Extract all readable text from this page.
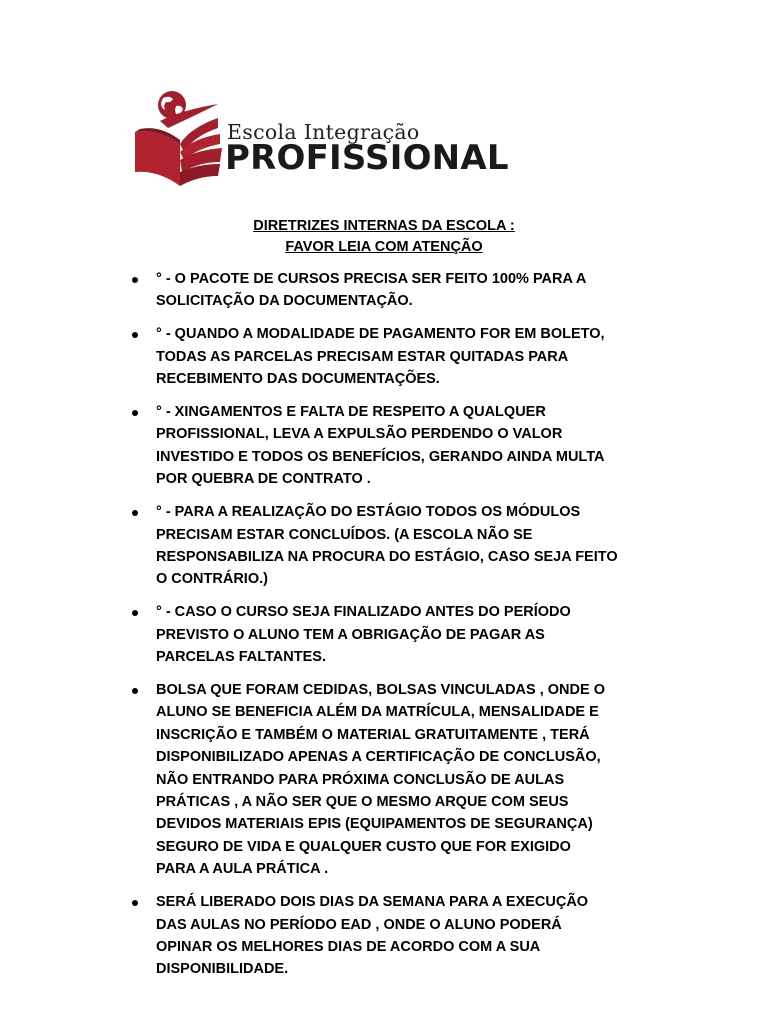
Escola Integração
PROFISSIONAL
DIRETRIZES INTERNAS DA ESCOLA :
FAVOR LEIA COM ATENÇÃO
° - O PACOTE DE CURSOS PRECISA SER FEITO 100% PARA A
SOLICITAÇÃO DA DOCUMENTAÇÃO.
° - QUANDO A MODALIDADE DE PAGAMENTO FOR EM BOLETO,
TODAS AS PARCELAS PRECISAM ESTAR QUITADAS PARA
RECEBIMENTO DAS DOCUMENTAÇÕES.
° - XINGAMENTOS E FALTA DE RESPEITO A QUALQUER
PROFISSIONAL, LEVA A EXPULSÃO PERDENDO O VALOR
INVESTIDO E TODOS OS BENEFÍCIOS, GERANDO AINDA MULTA
POR QUEBRA DE CONTRATO .
° - PARA A REALIZAÇÃO DO ESTÁGIO TODOS OS MÓDULOS
PRECISAM ESTAR CONCLUÍDOS. (A ESCOLA NÃO SE
RESPONSABILIZA NA PROCURA DO ESTÁGIO, CASO SEJA FEITO
O CONTRÁRIO.)
° - CASO O CURSO SEJA FINALIZADO ANTES DO PERÍODO
PREVISTO O ALUNO TEM A OBRIGAÇÃO DE PAGAR AS
PARCELAS FALTANTES.
BOLSA QUE FORAM CEDIDAS, BOLSAS VINCULADAS , ONDE O
ALUNO SE BENEFICIA ALÉM DA MATRÍCULA, MENSALIDADE E
INSCRIÇÃO E TAMBÉM O MATERIAL GRATUITAMENTE , TERÁ
DISPONIBILIZADO APENAS A CERTIFICAÇÃO DE CONCLUSÃO,
NÃO ENTRANDO PARA PRÓXIMA CONCLUSÃO DE AULAS
PRÁTICAS , A NÃO SER QUE O MESMO ARQUE COM SEUS
DEVIDOS MATERIAIS EPIS (EQUIPAMENTOS DE SEGURANÇA)
SEGURO DE VIDA E QUALQUER CUSTO QUE FOR EXIGIDO
PARA A AULA PRÁTICA .
SERÁ LIBERADO DOIS DIAS DA SEMANA PARA A EXECUÇÃO
DAS AULAS NO PERÍODO EAD , ONDE O ALUNO PODERÁ
OPINAR OS MELHORES DIAS DE ACORDO COM A SUA
DISPONIBILIDADE.
